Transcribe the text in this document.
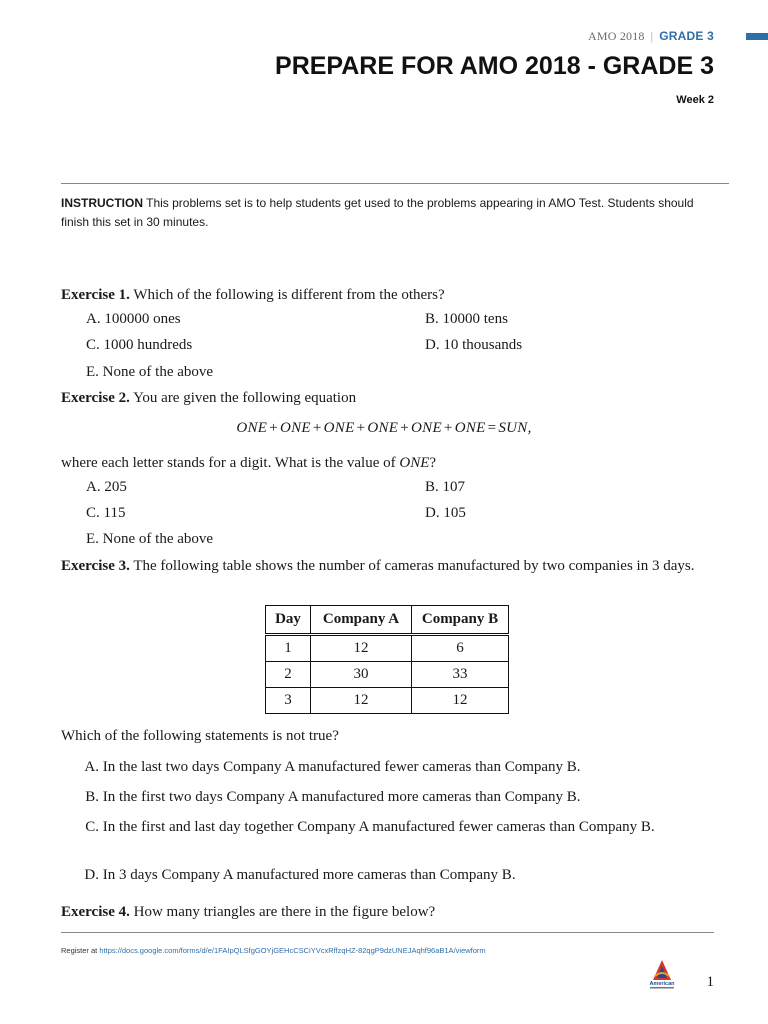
AMO 2018 | GRADE 3
PREPARE FOR AMO 2018 - GRADE 3
Week 2
INSTRUCTION This problems set is to help students get used to the problems appearing in AMO Test. Students should finish this set in 30 minutes.
Exercise 1. Which of the following is different from the others?
A. 100000 ones	B. 10000 tens
C. 1000 hundreds	D. 10 thousands
E. None of the above
Exercise 2. You are given the following equation
ONE + ONE + ONE + ONE + ONE + ONE = SUN,
where each letter stands for a digit. What is the value of ONE?
A. 205	B. 107
C. 115	D. 105
E. None of the above
Exercise 3. The following table shows the number of cameras manufactured by two companies in 3 days.
Day	Company A	Company B
1	12	6
2	30	33
3	12	12
Which of the following statements is not true?
A. In the last two days Company A manufactured fewer cameras than Company B.
B. In the first two days Company A manufactured more cameras than Company B.
C. In the first and last day together Company A manufactured fewer cameras than Company B.
D. In 3 days Company A manufactured more cameras than Company B.
Exercise 4. How many triangles are there in the figure below?
Register at https://docs.google.com/forms/d/e/1FAIpQLSfgGOYjGEHcCSCiYVcxRffzqHZ-82qgP9dzUNEJAqhf96aB1A/viewform
American 1
